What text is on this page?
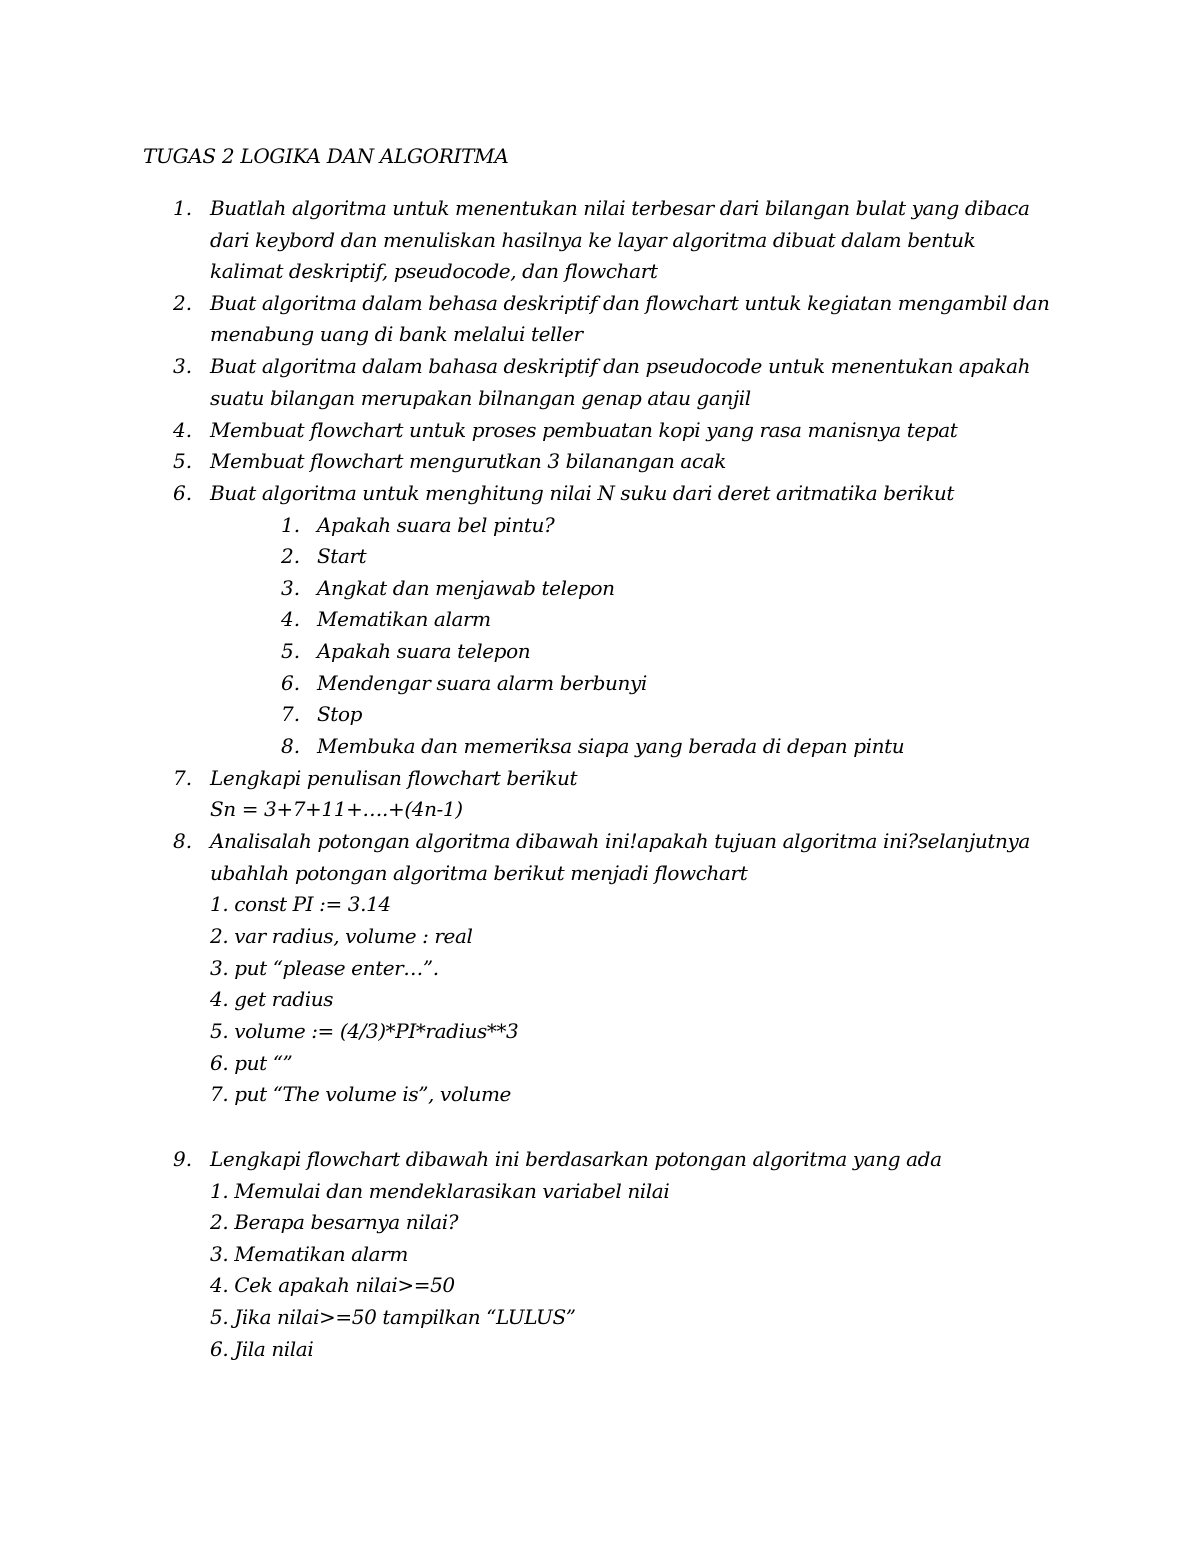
TUGAS 2 LOGIKA DAN ALGORITMA
1. Buatlah algoritma untuk menentukan nilai terbesar dari bilangan bulat yang dibaca
dari keybord dan menuliskan hasilnya ke layar algoritma dibuat dalam bentuk
kalimat deskriptif, pseudocode, dan flowchart
2. Buat algoritma dalam behasa deskriptif dan flowchart untuk kegiatan mengambil dan
menabung uang di bank melalui teller
3. Buat algoritma dalam bahasa deskriptif dan pseudocode untuk menentukan apakah
suatu bilangan merupakan bilnangan genap atau ganjil
4. Membuat flowchart untuk proses pembuatan kopi yang rasa manisnya tepat
5. Membuat flowchart mengurutkan 3 bilanangan acak
6. Buat algoritma untuk menghitung nilai N suku dari deret aritmatika berikut
1. Apakah suara bel pintu?
2. Start
3. Angkat dan menjawab telepon
4. Mematikan alarm
5. Apakah suara telepon
6. Mendengar suara alarm berbunyi
7. Stop
8. Membuka dan memeriksa siapa yang berada di depan pintu
7. Lengkapi penulisan flowchart berikut
Sn = 3+7+11+….+(4n-1)
8. Analisalah potongan algoritma dibawah ini!apakah tujuan algoritma ini?selanjutnya
ubahlah potongan algoritma berikut menjadi flowchart
1. const PI := 3.14
2. var radius, volume : real
3. put “please enter…”.
4. get radius
5. volume := (4/3)*PI*radius**3
6. put “”
7. put “The volume is”, volume
9. Lengkapi flowchart dibawah ini berdasarkan potongan algoritma yang ada
1. Memulai dan mendeklarasikan variabel nilai
2. Berapa besarnya nilai?
3. Mematikan alarm
4. Cek apakah nilai>=50
5. Jika nilai>=50 tampilkan “LULUS”
6. Jila nilai
